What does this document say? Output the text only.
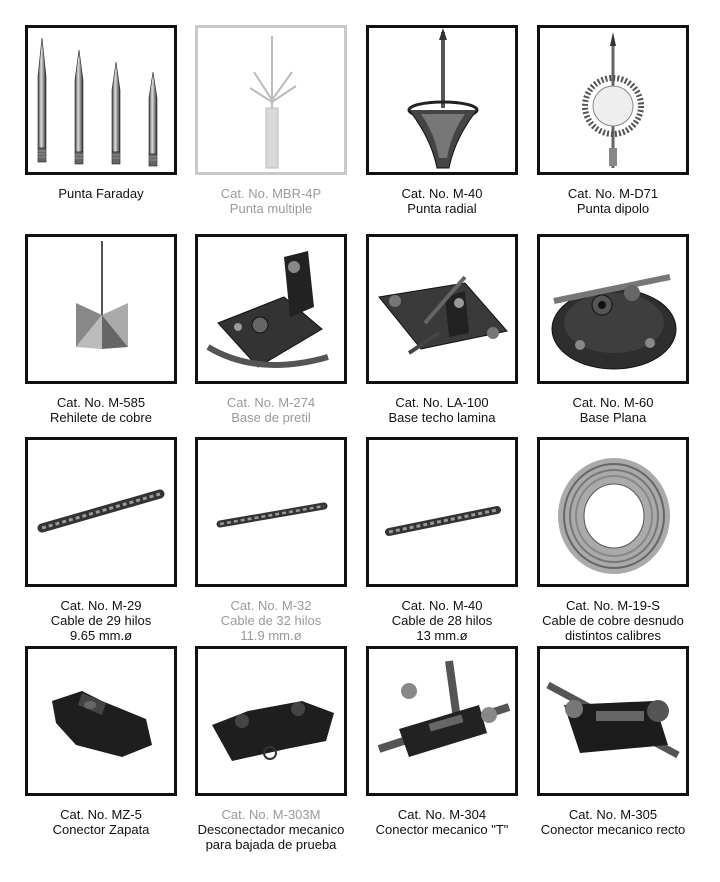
Punta Faraday	Cat. No. MBR-4P
Punta multiple
Cat. No. M-40
Punta radial
Cat. No. M-D71
Punta dipolo
Cat. No. M-585
Rehilete de cobre
Cat. No. M-274
Base de pretil
Cat. No. LA-100
Base techo lamina
Cat. No. M-60
Base Plana
Cat. No. M-29
Cable de 29 hilos
9.65 mm.ø
Cat. No. M-32
Cable de 32 hilos
11.9 mm.ø
Cat. No. M-40
Cable de 28 hilos
13 mm.ø
Cat. No. M-19-S
Cable de cobre desnudo
distintos calibres
Cat. No. MZ-5
Conector Zapata
Cat. No. M-303M
Desconectador mecanico
para bajada de prueba
Cat. No. M-304
Conector mecanico "T"
Cat. No. M-305
Conector mecanico recto
